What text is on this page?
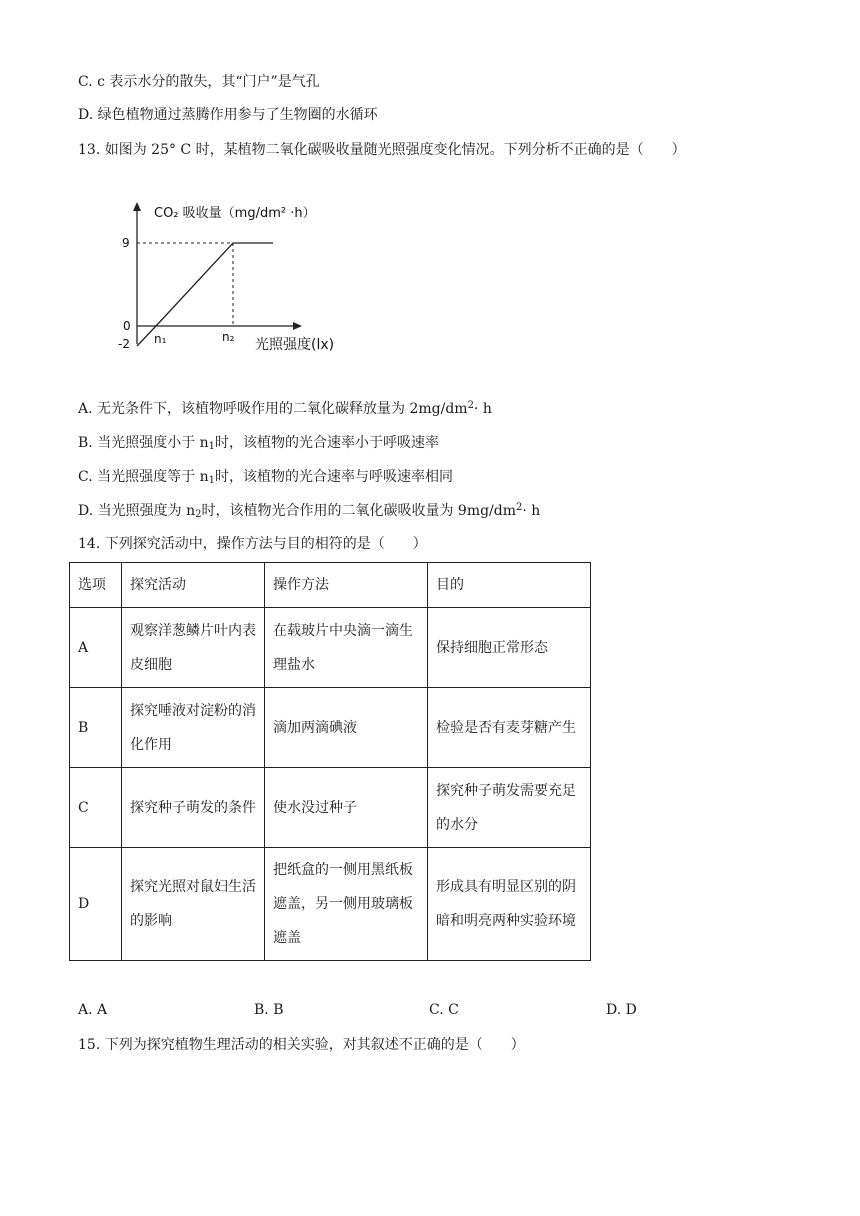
C. c 表示水分的散失，其“门户”是气孔
D. 绿色植物通过蒸腾作用参与了生物圈的水循环
13. 如图为 25° C 时，某植物二氧化碳吸收量随光照强度变化情况。下列分析不正确的是（　　）
CO₂ 吸收量（mg/dm² ·h）
光照强度(lx)
9
0
-2 n₁	n₂
A. 无光条件下，该植物呼吸作用的二氧化碳释放量为 $2mg/dm^2\cdot h$
B. 当光照强度小于 $n_1$时，该植物的光合速率小于呼吸速率
C. 当光照强度等于 $n_1$时，该植物的光合速率与呼吸速率相同
D. 当光照强度为 $n_2$时，该植物光合作用的二氧化碳吸收量为 $9mg/dm^2\cdot h$
14. 下列探究活动中，操作方法与目的相符的是（　　）
选项	探究活动	操作方法	目的
A	观察洋葱鳞片叶内表皮细胞	在载玻片中央滴一滴生理盐水	保持细胞正常形态
B	探究唾液对淀粉的消化作用	滴加两滴碘液	检验是否有麦芽糖产生
C	探究种子萌发的条件	使水没过种子	探究种子萌发需要充足的水分
D	探究光照对鼠妇生活的影响	把纸盒的一侧用黑纸板遮盖，另一侧用玻璃板遮盖	形成具有明显区别的阴暗和明亮两种实验环境
A. A	B. B	C. C	D. D
15. 下列为探究植物生理活动的相关实验，对其叙述不正确的是（　　）
